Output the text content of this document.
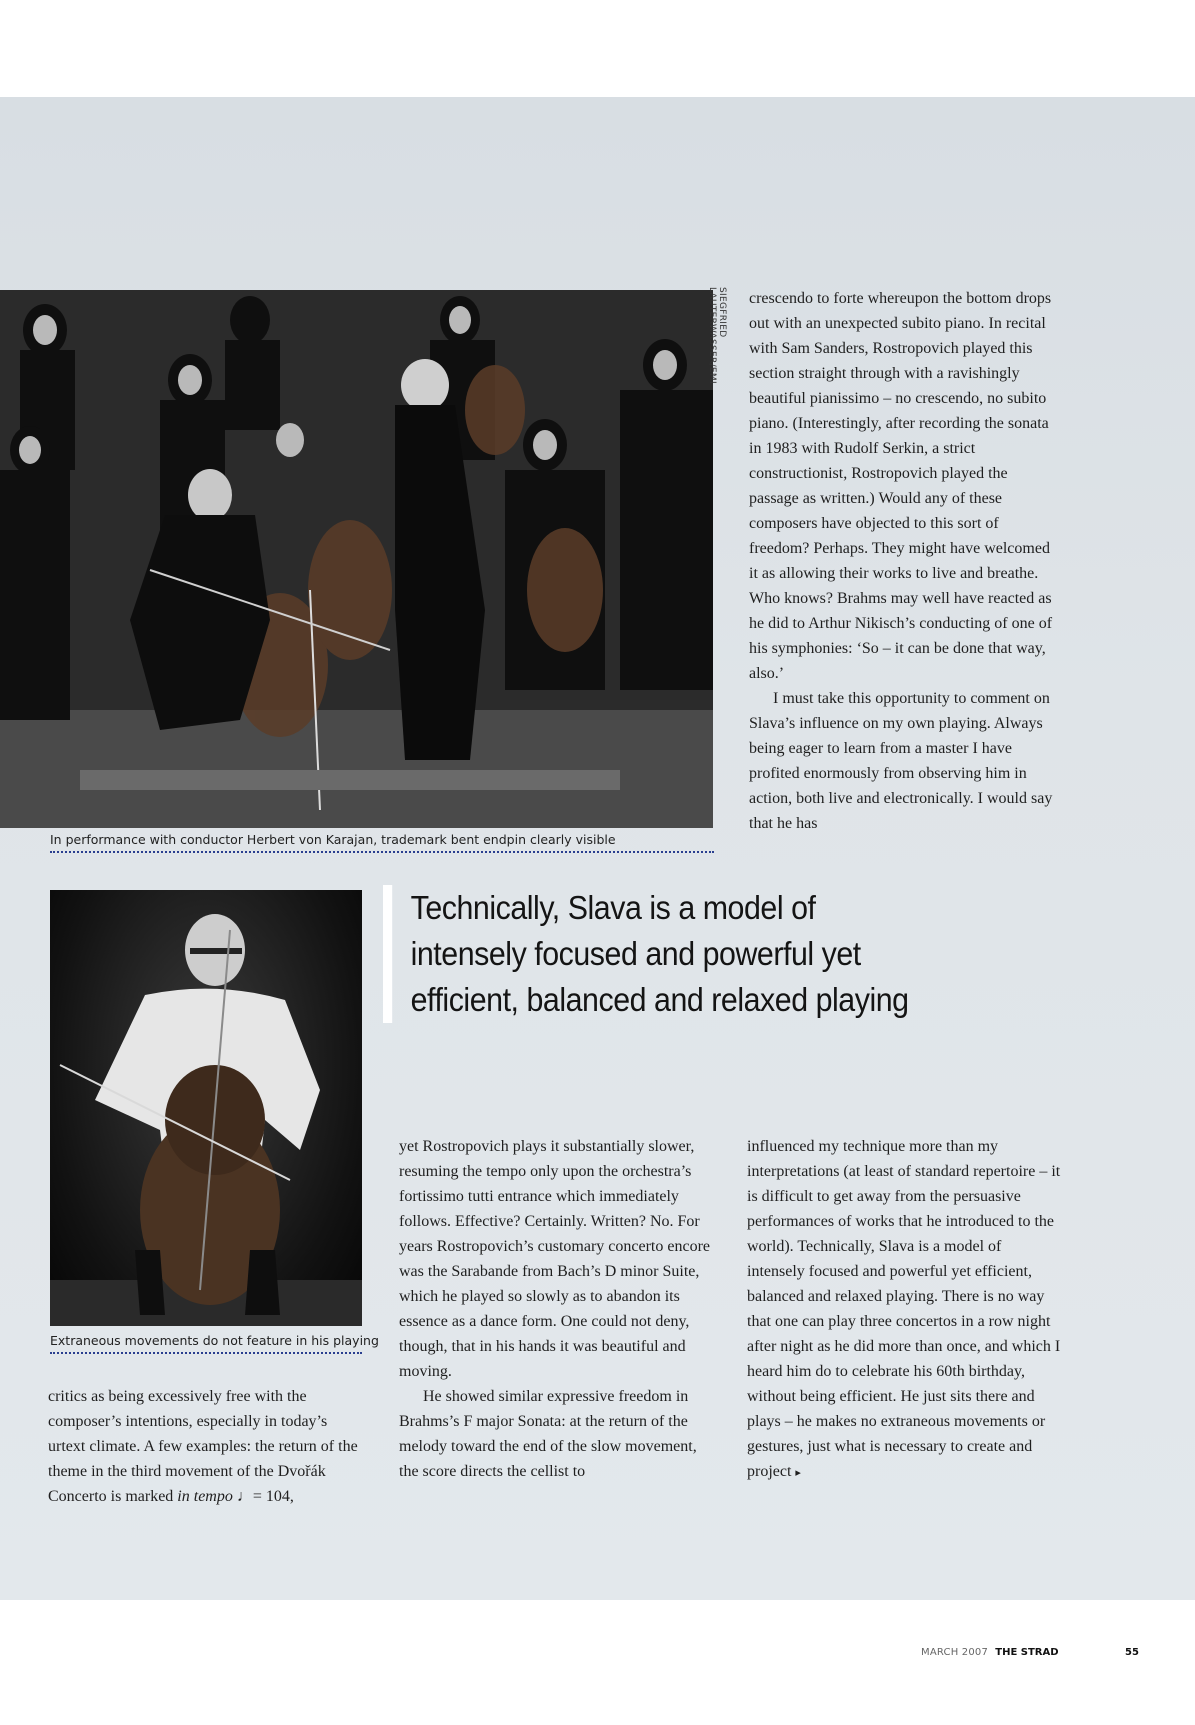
SIEGFRIED LAUTERWASSER/EMI
In performance with conductor Herbert von Karajan, trademark bent endpin clearly visible

crescendo to forte whereupon the bottom drops out with an unexpected subito piano. In recital with Sam Sanders, Rostropovich played this section straight through with a ravishingly beautiful pianissimo – no crescendo, no subito piano. (Interestingly, after recording the sonata in 1983 with Rudolf Serkin, a strict constructionist, Rostropovich played the passage as written.) Would any of these composers have objected to this sort of freedom? Perhaps. They might have welcomed it as allowing their works to live and breathe. Who knows? Brahms may well have reacted as he did to Arthur Nikisch’s conducting of one of his symphonies: ‘So – it can be done that way, also.’

I must take this opportunity to comment on Slava’s influence on my own playing. Always being eager to learn from a master I have profited enormously from observing him in action, both live and electronically. I would say that he has

Extraneous movements do not feature in his playing
Technically, Slava is a model of intensely focused and powerful yet efficient, balanced and relaxed playing

critics as being excessively free with the composer’s intentions, especially in today’s urtext climate. A few examples: the return of the theme in the third movement of the Dvořák Concerto is marked in tempo ♩= 104,

yet Rostropovich plays it substantially slower, resuming the tempo only upon the orchestra’s fortissimo tutti entrance which immediately follows. Effective? Certainly. Written? No. For years Rostropovich’s customary concerto encore was the Sarabande from Bach’s D minor Suite, which he played so slowly as to abandon its essence as a dance form. One could not deny, though, that in his hands it was beautiful and moving.

He showed similar expressive freedom in Brahms’s F major Sonata: at the return of the melody toward the end of the slow movement, the score directs the cellist to

influenced my technique more than my interpretations (at least of standard repertoire – it is difficult to get away from the persuasive performances of works that he introduced to the world). Technically, Slava is a model of intensely focused and powerful yet efficient, balanced and relaxed playing. There is no way that one can play three concertos in a row night after night as he did more than once, and which I heard him do to celebrate his 60th birthday, without being efficient. He just sits there and plays – he makes no extraneous movements or gestures, just what is necessary to create and project ▸

MARCH 2007 THE STRAD	55
